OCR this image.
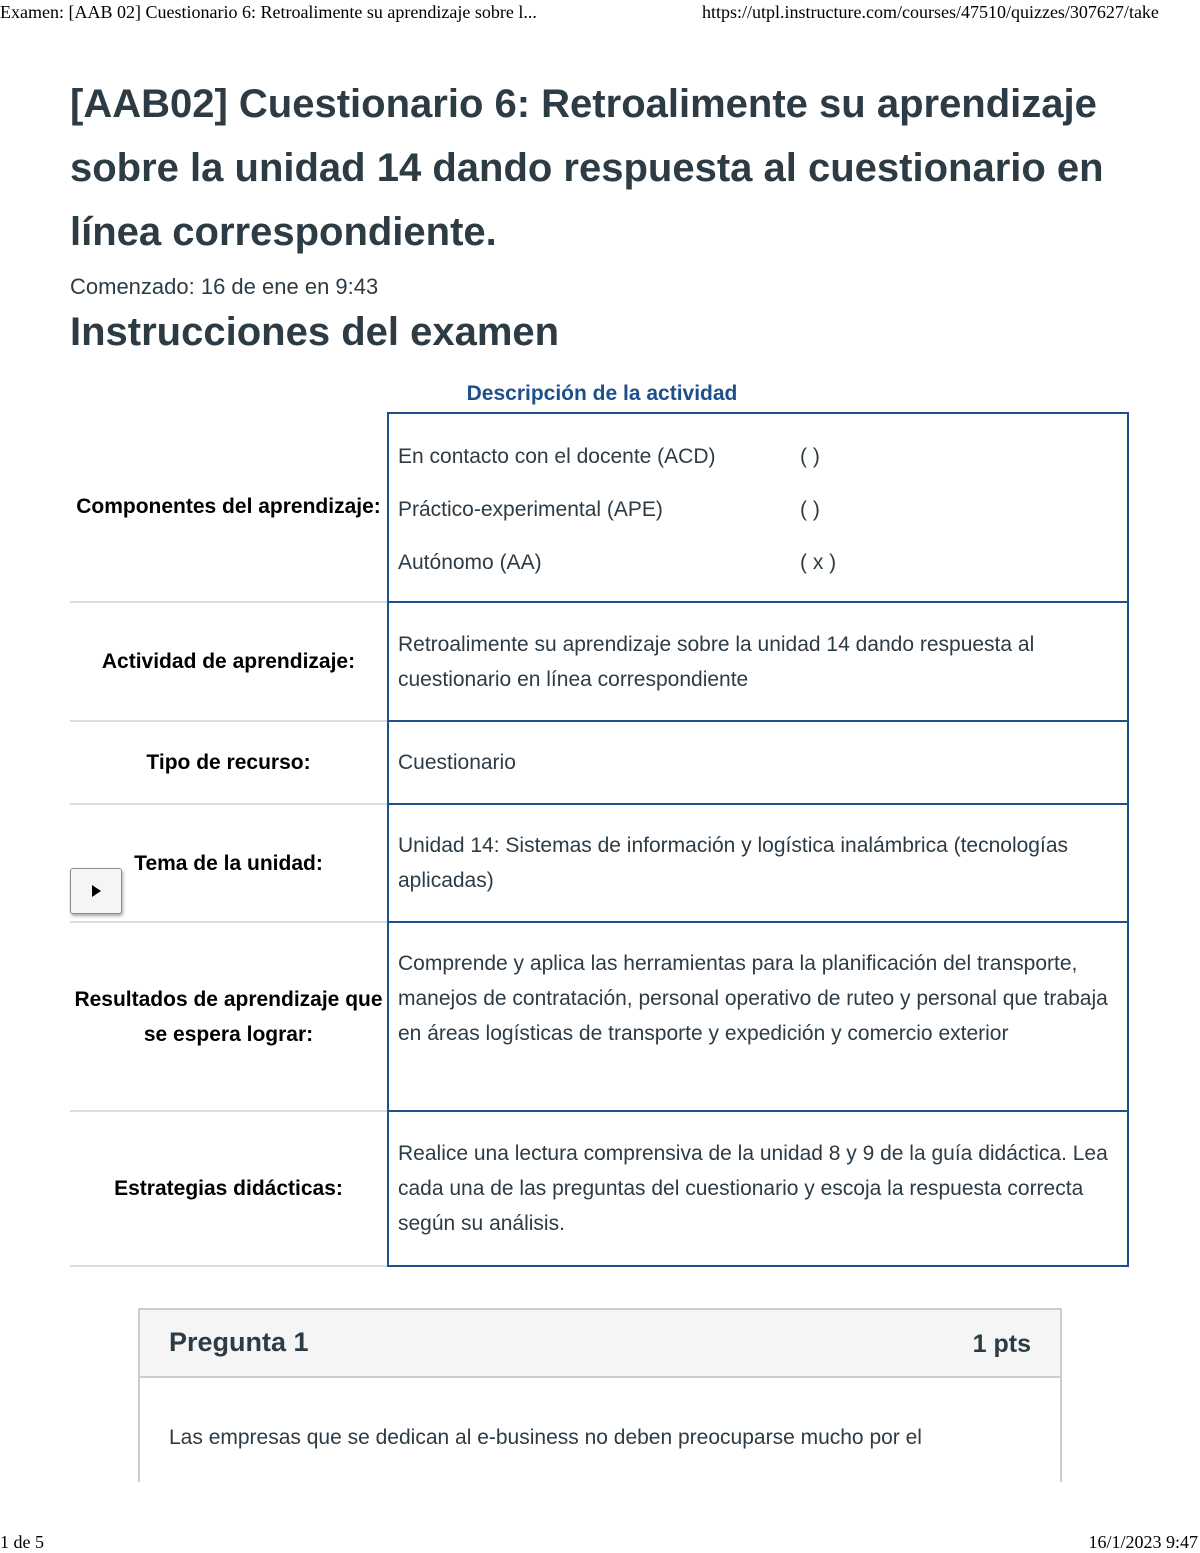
Examen: [AAB 02] Cuestionario 6: Retroalimente su aprendizaje sobre l...	https://utpl.instructure.com/courses/47510/quizzes/307627/take
[AAB02] Cuestionario 6: Retroalimente su aprendizaje sobre la unidad 14 dando respuesta al cuestionario en línea correspondiente.
Comenzado: 16 de ene en 9:43
Instrucciones del examen
Descripción de la actividad
Componentes del aprendizaje:
En contacto con el docente (ACD)	( )
Práctico-experimental (APE)	( )
Autónomo (AA)	( x )
Actividad de aprendizaje:
Retroalimente su aprendizaje sobre la unidad 14 dando respuesta al cuestionario en línea correspondiente
Tipo de recurso:	Cuestionario
Tema de la unidad:
Unidad 14: Sistemas de información y logística inalámbrica (tecnologías aplicadas)
Resultados de aprendizaje que se espera lograr:
Comprende y aplica las herramientas para la planificación del transporte, manejos de contratación, personal operativo de ruteo y personal que trabaja en áreas logísticas de transporte y expedición y comercio exterior
Estrategias didácticas:
Realice una lectura comprensiva de la unidad 8 y 9 de la guía didáctica. Lea cada una de las preguntas del cuestionario y escoja la respuesta correcta según su análisis.
Pregunta 1	1 pts
Las empresas que se dedican al e-business no deben preocuparse mucho por el
1 de 5	16/1/2023 9:47
